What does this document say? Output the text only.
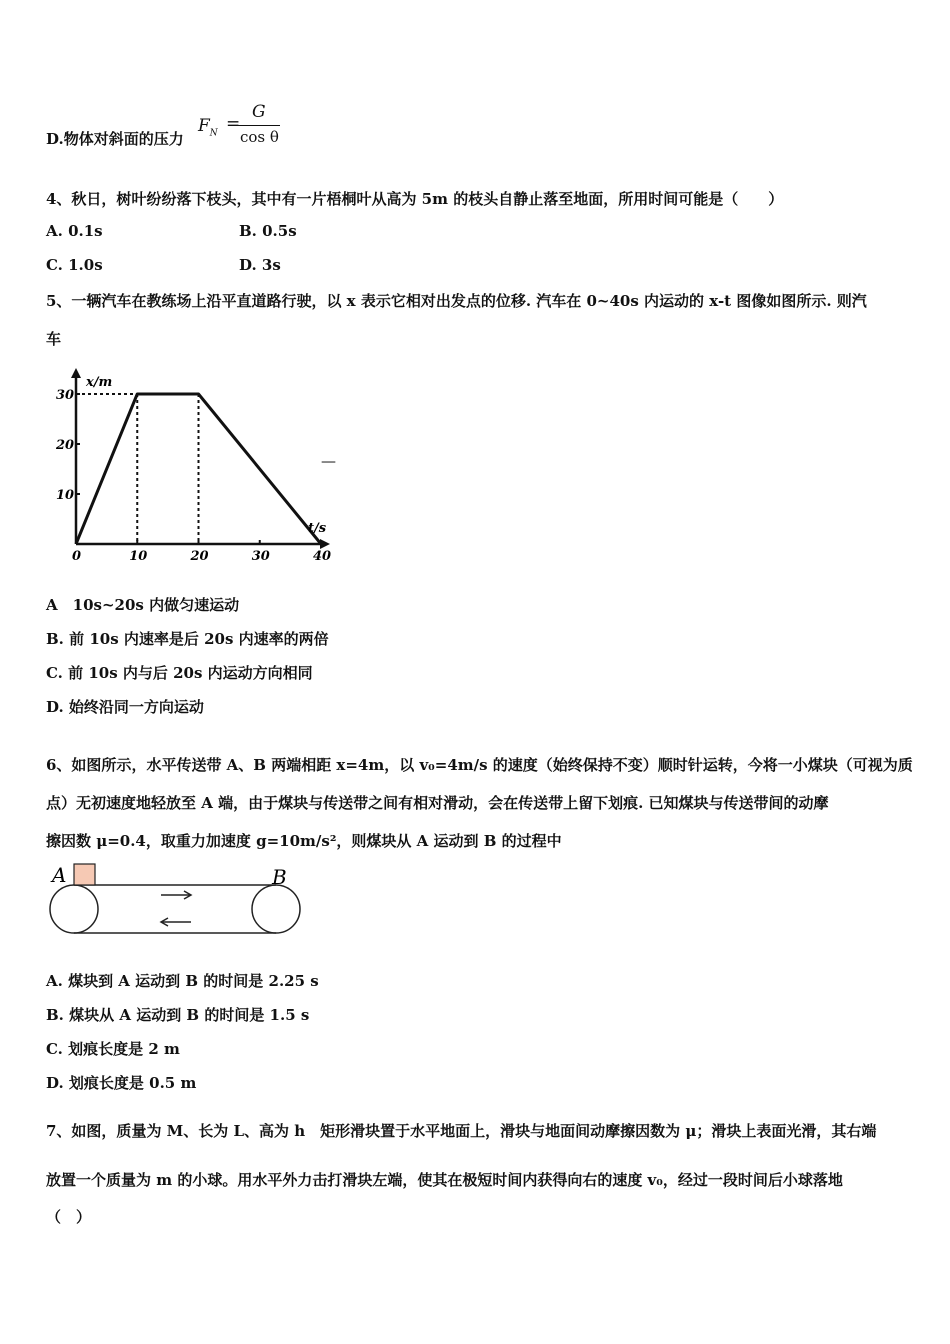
D.物体对斜面的压力
$F_N$ =
G
cos θ
4、秋日，树叶纷纷落下枝头，其中有一片梧桐叶从高为 5m 的枝头自静止落至地面，所用时间可能是（　　）
A. 0.1s	B. 0.5s
C. 1.0s	D. 3s
5、一辆汽车在教练场上沿平直道路行驶，以 x 表示它相对出发点的位移. 汽车在 0~40s 内运动的 x-t 图像如图所示. 则汽
车
0	10	20	30	40
10
20
30
x/m
t/s
—
A　10s~20s 内做匀速运动
B. 前 10s 内速率是后 20s 内速率的两倍
C. 前 10s 内与后 20s 内运动方向相同
D. 始终沿同一方向运动
6、如图所示，水平传送带 A、B 两端相距 x=4m，以 v₀=4m/s 的速度（始终保持不变）顺时针运转，今将一小煤块（可视为质
点）无初速度地轻放至 A 端，由于煤块与传送带之间有相对滑动，会在传送带上留下划痕. 已知煤块与传送带间的动摩
擦因数 μ=0.4，取重力加速度 g=10m/s²，则煤块从 A 运动到 B 的过程中
A	B
A. 煤块到 A 运动到 B 的时间是 2.25 s
B. 煤块从 A 运动到 B 的时间是 1.5 s
C. 划痕长度是 2 m
D. 划痕长度是 0.5 m
7、如图，质量为 M、长为 L、高为 h　矩形滑块置于水平地面上，滑块与地面间动摩擦因数为 μ；滑块上表面光滑，其右端
放置一个质量为 m 的小球。用水平外力击打滑块左端，使其在极短时间内获得向右的速度 v₀，经过一段时间后小球落地
（　）
